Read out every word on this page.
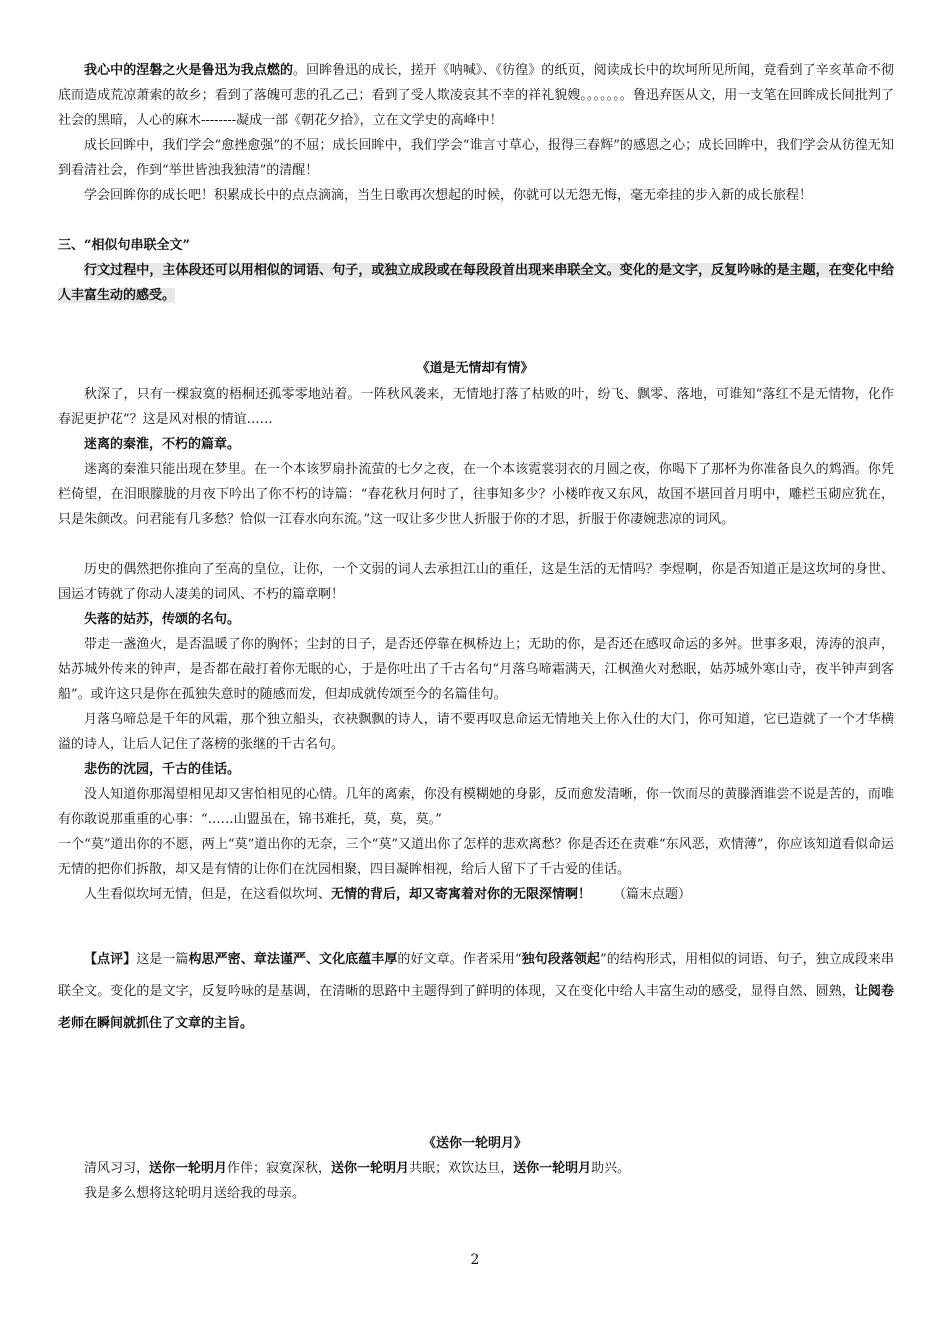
我心中的涅磐之火是鲁迅为我点燃的。回眸鲁迅的成长，搓开《呐喊》、《彷徨》的纸页，阅读成长中的坎坷所见所闻，竟看到了辛亥革命不彻底而造成荒凉萧索的故乡；看到了落魄可悲的孔乙己；看到了受人欺凌哀其不幸的祥礼貌嫂。。。。。。。鲁迅弃医从文，用一支笔在回眸成长间批判了社会的黑暗，人心的麻木--------凝成一部《朝花夕拾》，立在文学史的高峰中！

成长回眸中，我们学会“愈挫愈强”的不屈；成长回眸中，我们学会“谁言寸草心，报得三春辉”的感恩之心；成长回眸中，我们学会从彷徨无知到看清社会，作到“举世皆浊我独清”的清醒！

学会回眸你的成长吧！积累成长中的点点滴滴，当生日歌再次想起的时候，你就可以无怨无悔，毫无牵挂的步入新的成长旅程！

三、“相似句串联全文”

行文过程中，主体段还可以用相似的词语、句子，或独立成段或在每段段首出现来串联全文。变化的是文字，反复吟咏的是主题，在变化中给人丰富生动的感受。

《道是无情却有情》

秋深了，只有一棵寂寞的梧桐还孤零零地站着。一阵秋风袭来，无情地打落了枯败的叶，纷飞、飘零、落地，可谁知“落红不是无情物，化作春泥更护花”？这是风对根的情谊……

迷离的秦淮，不朽的篇章。

迷离的秦淮只能出现在梦里。在一个本该罗扇扑流萤的七夕之夜，在一个本该霓裳羽衣的月圆之夜，你喝下了那杯为你准备良久的鸩酒。你凭栏倚望，在泪眼朦胧的月夜下吟出了你不朽的诗篇：“春花秋月何时了，往事知多少？小楼昨夜又东风，故国不堪回首月明中，雕栏玉砌应犹在，只是朱颜改。问君能有几多愁？恰似一江春水向东流。”这一叹让多少世人折服于你的才思，折服于你凄婉悲凉的词风。

历史的偶然把你推向了至高的皇位，让你，一个文弱的词人去承担江山的重任，这是生活的无情吗？李煜啊，你是否知道正是这坎坷的身世、国运才铸就了你动人凄美的词风、不朽的篇章啊！

失落的姑苏，传颂的名句。

带走一盏渔火，是否温暖了你的胸怀；尘封的日子，是否还停靠在枫桥边上；无助的你，是否还在感叹命运的多舛。世事多艰，涛涛的浪声，姑苏城外传来的钟声，是否都在敲打着你无眠的心，于是你吐出了千古名句“月落乌啼霜满天，江枫渔火对愁眠，姑苏城外寒山寺，夜半钟声到客船”。或许这只是你在孤独失意时的随感而发，但却成就传颂至今的名篇佳句。

月落乌啼总是千年的风霜，那个独立船头，衣袂飘飘的诗人，请不要再叹息命运无情地关上你入仕的大门，你可知道，它已造就了一个才华横溢的诗人，让后人记住了落榜的张继的千古名句。

悲伤的沈园，千古的佳话。

没人知道你那渴望相见却又害怕相见的心情。几年的离索，你没有模糊她的身影，反而愈发清晰，你一饮而尽的黄滕酒谁尝不说是苦的，而唯有你敢说那重重的心事：“……山盟虽在，锦书难托，莫，莫，莫。”

一个“莫”道出你的不愿，两上“莫”道出你的无奈，三个“莫”又道出你了怎样的悲欢离愁？你是否还在责难“东风恶，欢情薄”，你应该知道看似命运无情的把你们拆散，却又是有情的让你们在沈园相聚，四目凝眸相视，给后人留下了千古爱的佳话。

人生看似坎坷无情，但是，在这看似坎坷、无情的背后，却又寄寓着对你的无限深情啊！ （篇末点题）

【点评】这是一篇构思严密、章法谨严、文化底蕴丰厚的好文章。作者采用“独句段落领起”的结构形式，用相似的词语、句子，独立成段来串联全文。变化的是文字，反复吟咏的是基调，在清晰的思路中主题得到了鲜明的体现，又在变化中给人丰富生动的感受，显得自然、圆熟，让阅卷老师在瞬间就抓住了文章的主旨。

《送你一轮明月》

清风习习，送你一轮明月作伴；寂寞深秋，送你一轮明月共眠；欢饮达旦，送你一轮明月助兴。

我是多么想将这轮明月送给我的母亲。

2
